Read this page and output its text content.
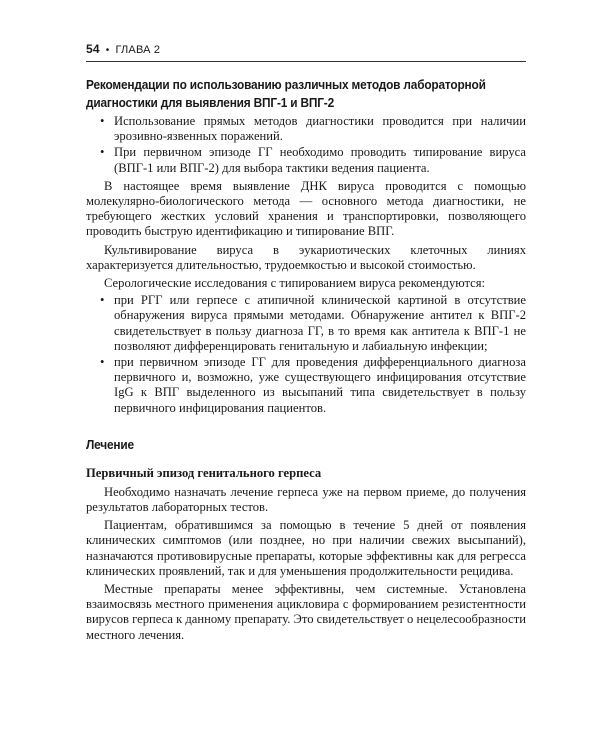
54 • ГЛАВА 2
Рекомендации по использованию различных методов лабораторной диагностики для выявления ВПГ-1 и ВПГ-2
• Использование прямых методов диагностики проводится при наличии эрозивно-язвенных поражений.
• При первичном эпизоде ГГ необходимо проводить типирование вируса (ВПГ-1 или ВПГ-2) для выбора тактики ведения пациента.

В настоящее время выявление ДНК вируса проводится с помощью молекулярно-биологического метода — основного метода диагностики, не требующего жестких условий хранения и транспортировки, позволяющего проводить быструю идентификацию и типирование ВПГ.

Культивирование вируса в эукариотических клеточных линиях характеризуется длительностью, трудоемкостью и высокой стоимостью.

Серологические исследования с типированием вируса рекомендуются:

• при РГГ или герпесе с атипичной клинической картиной в отсутствие обнаружения вируса прямыми методами. Обнаружение антител к ВПГ-2 свидетельствует в пользу диагноза ГГ, в то время как антитела к ВПГ-1 не позволяют дифференцировать генитальную и лабиальную инфекции;
• при первичном эпизоде ГГ для проведения дифференциального диагноза первичного и, возможно, уже существующего инфицирования отсутствие IgG к ВПГ выделенного из высыпаний типа свидетельствует в пользу первичного инфицирования пациентов.
Лечение
Первичный эпизод генитального герпеса

Необходимо назначать лечение герпеса уже на первом приеме, до получения результатов лабораторных тестов.

Пациентам, обратившимся за помощью в течение 5 дней от появления клинических симптомов (или позднее, но при наличии свежих высыпаний), назначаются противовирусные препараты, которые эффективны как для регресса клинических проявлений, так и для уменьшения продолжительности рецидива.

Местные препараты менее эффективны, чем системные. Установлена взаимосвязь местного применения ацикловира с формированием резистентности вирусов герпеса к данному препарату. Это свидетельствует о нецелесообразности местного лечения.
